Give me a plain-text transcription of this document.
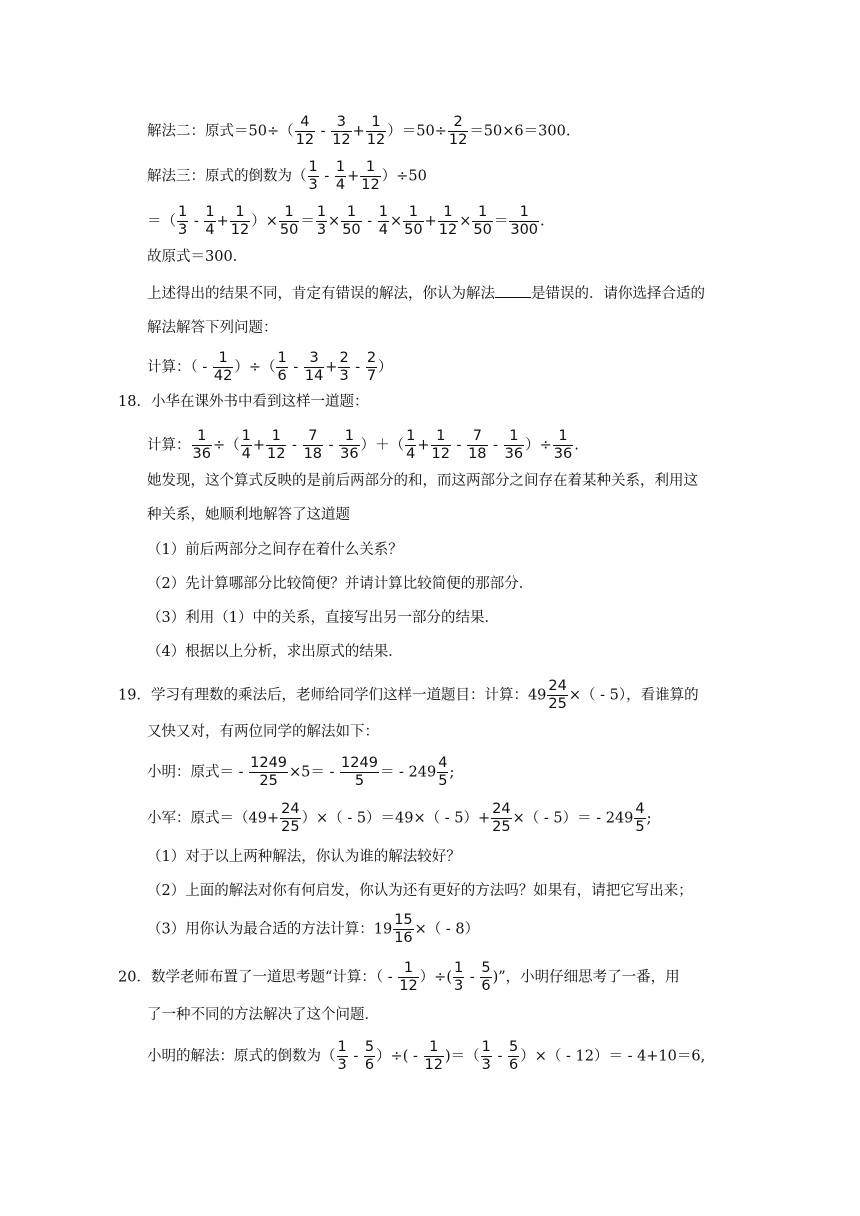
解法二：原式$=50\div( \frac{4}{12} - \frac{3}{12} + \frac{1}{12} )=50\div \frac{2}{12} =50\times 6=300$.
解法三：原式的倒数为（ $\frac{1}{3} - \frac{1}{4} + \frac{1}{12} )\div 50$
＝（ $\frac{1}{3} - \frac{1}{4} + \frac{1}{12}$ ）× $\frac{1}{50} = \frac{1}{3} \times \frac{1}{50} - \frac{1}{4} \times \frac{1}{50} + \frac{1}{12} \times \frac{1}{50} = \frac{1}{300}$ .
故原式＝300.
上述得出的结果不同，肯定有错误的解法，你认为解法 是错误的．请你选择合适的
解法解答下列问题：
计算：（ - $\frac{1}{42}$ ）÷（ $\frac{1}{6} - \frac{3}{14} + \frac{2}{3} - \frac{2}{7}$ ）
18．小华在课外书中看到这样一道题：
计算： $\frac{1}{36}$ ÷（ $\frac{1}{4} + \frac{1}{12} - \frac{7}{18} - \frac{1}{36}$ ）＋（ $\frac{1}{4} + \frac{1}{12} - \frac{7}{18} - \frac{1}{36}$ ）÷ $\frac{1}{36}$ .
她发现，这个算式反映的是前后两部分的和，而这两部分之间存在着某种关系，利用这
种关系，她顺利地解答了这道题
（1）前后两部分之间存在着什么关系？
（2）先计算哪部分比较简便？并请计算比较简便的那部分．
（3）利用（1）中的关系，直接写出另一部分的结果．
（4）根据以上分析，求出原式的结果．
19．学习有理数的乘法后，老师给同学们这样一道题目：计算：$49 \frac{24}{25}$ ×（ - 5），看谁算的
又快又对，有两位同学的解法如下：
小明：原式＝ - $\frac{1249}{25} \times 5= - \frac{1249}{5}$ ＝ - $249 \frac{4}{5}$ ;
小军：原式$=(49+ \frac{24}{25}$ ）×（ - $5)=49\times( - 5)+ \frac{24}{25}$ ×（ - $5)= - 249 \frac{4}{5}$ ;
（1）对于以上两种解法，你认为谁的解法较好？
（2）上面的解法对你有何启发，你认为还有更好的方法吗？如果有，请把它写出来；
（3）用你认为最合适的方法计算：$19 \frac{15}{16}$ ×（ - 8）
20．数学老师布置了一道思考题“计算：（ - $\frac{1}{12}$ ）÷( $\frac{1}{3} - \frac{5}{6}$ )”，小明仔细思考了一番，用
了一种不同的方法解决了这个问题．
小明的解法：原式的倒数为（ $\frac{1}{3} - \frac{5}{6}$ ）÷( - $\frac{1}{12}$ )＝（ $\frac{1}{3} - \frac{5}{6}$ ）×（ - 12）＝ - 4+10＝6,
